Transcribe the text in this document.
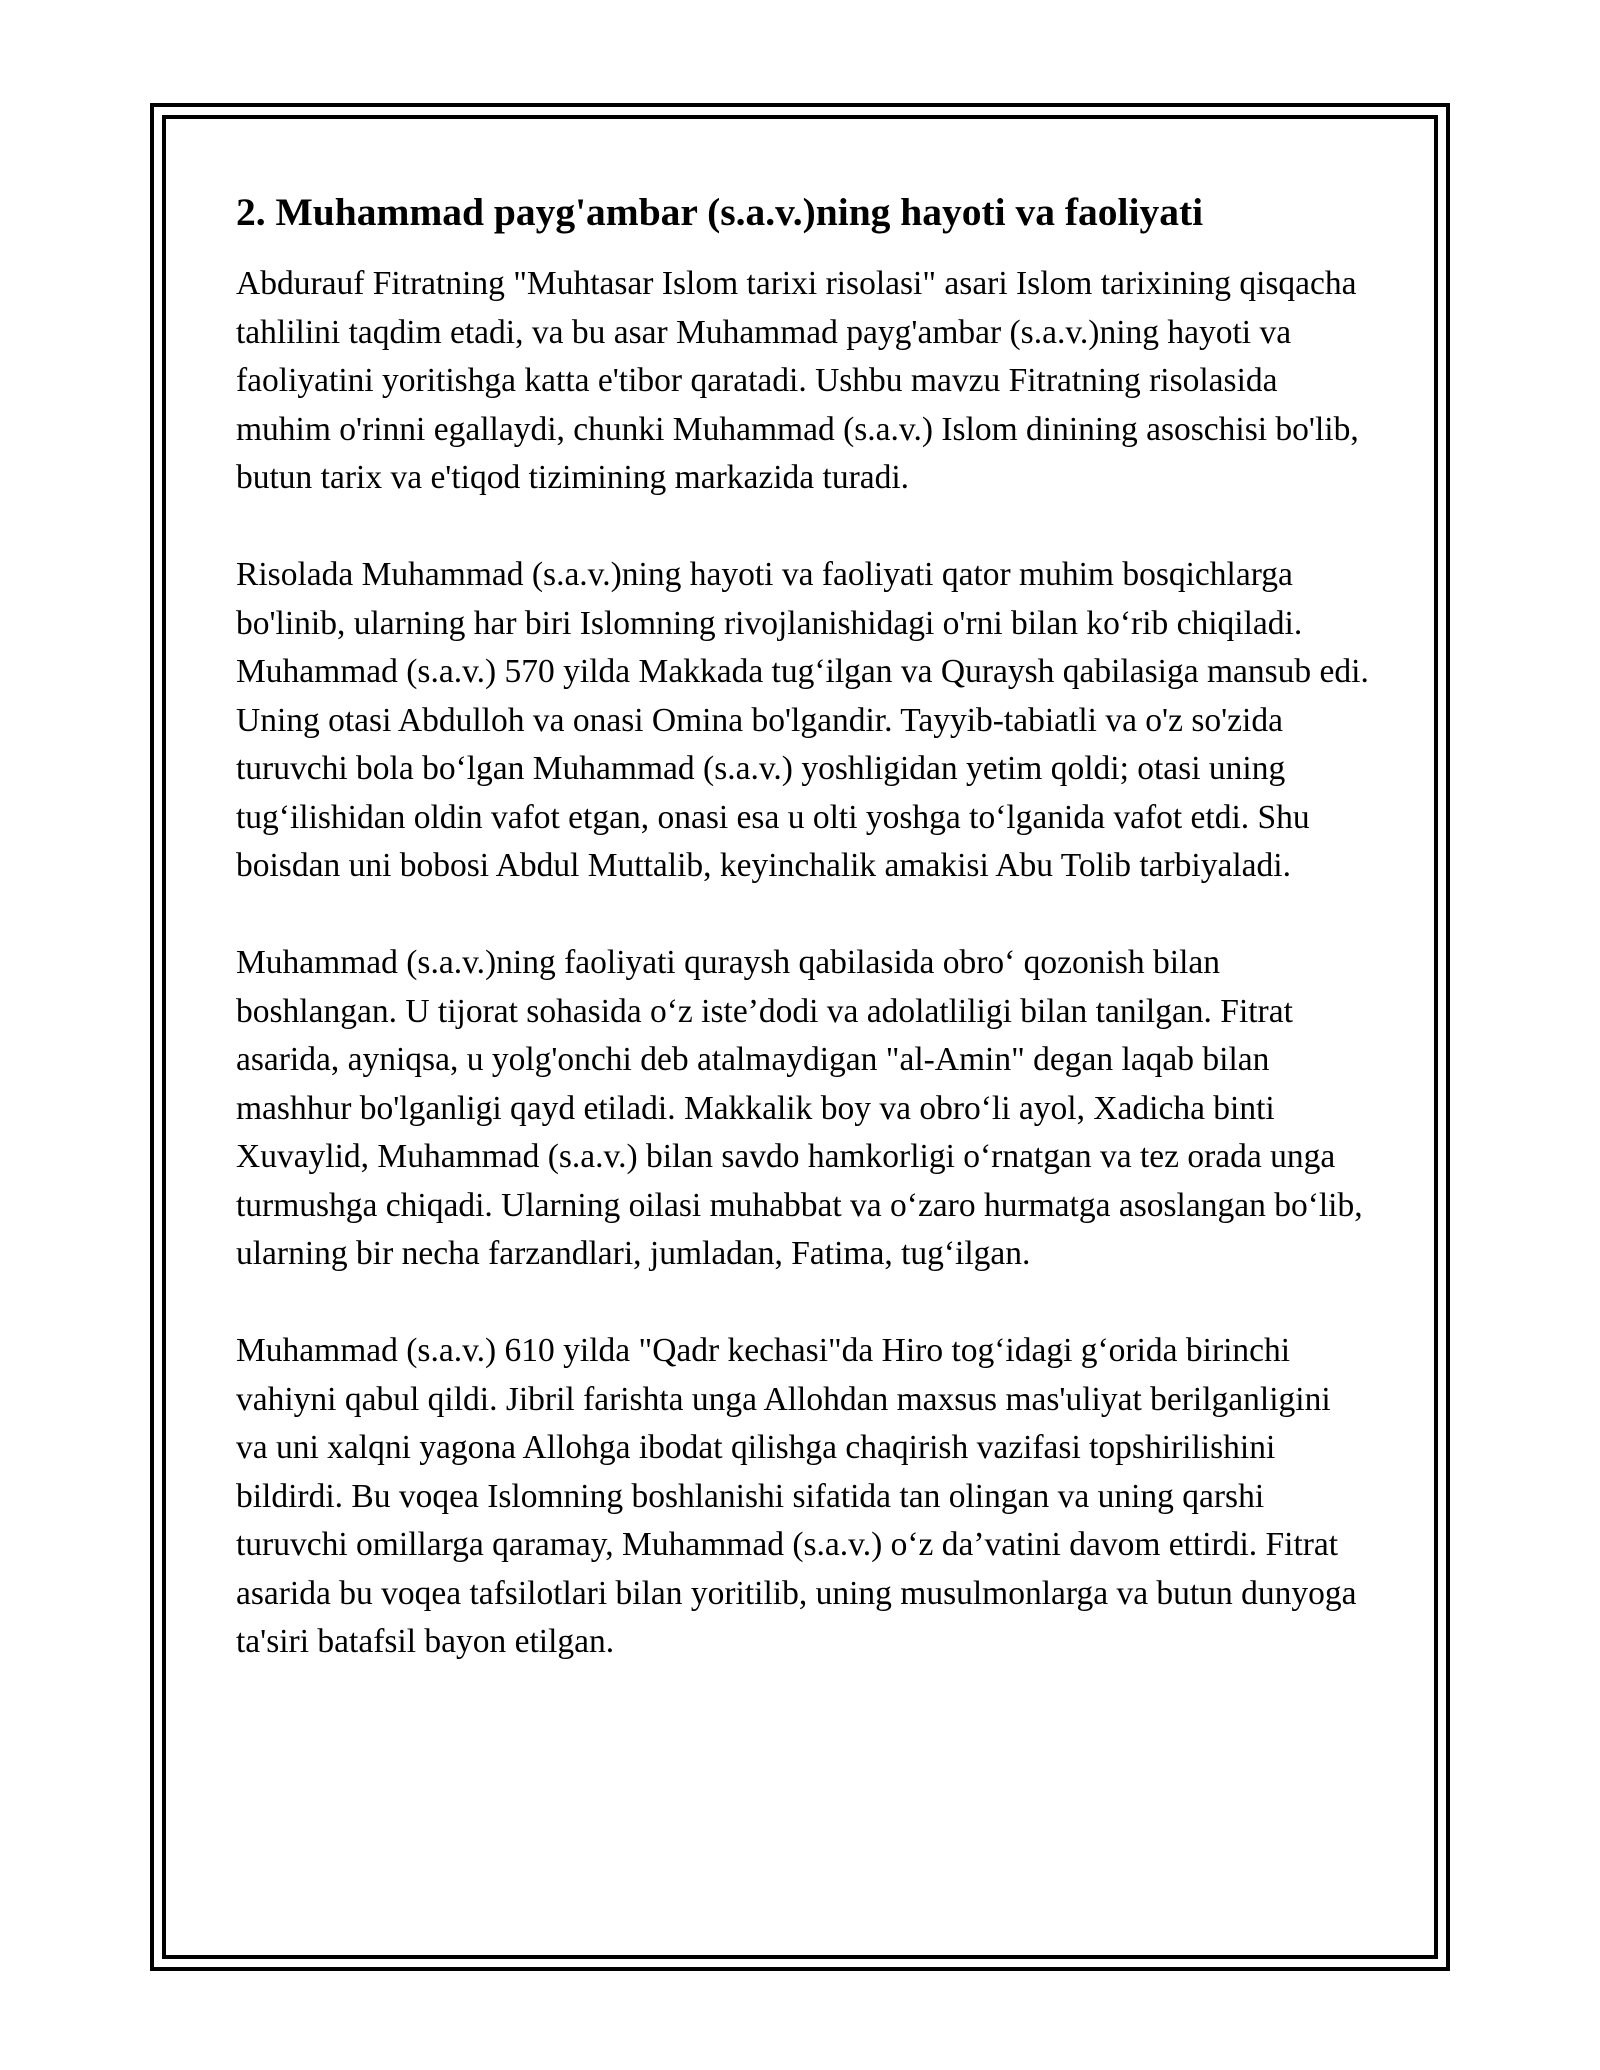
2. Muhammad payg'ambar (s.a.v.)ning hayoti va faoliyati

Abdurauf Fitratning "Muhtasar Islom tarixi risolasi" asari Islom tarixining qisqacha tahlilini taqdim etadi, va bu asar Muhammad payg'ambar (s.a.v.)ning hayoti va faoliyatini yoritishga katta e'tibor qaratadi. Ushbu mavzu Fitratning risolasida muhim o'rinni egallaydi, chunki Muhammad (s.a.v.) Islom dinining asoschisi bo'lib, butun tarix va e'tiqod tizimining markazida turadi.

Risolada Muhammad (s.a.v.)ning hayoti va faoliyati qator muhim bosqichlarga bo'linib, ularning har biri Islomning rivojlanishidagi o'rni bilan ko‘rib chiqiladi. Muhammad (s.a.v.) 570 yilda Makkada tug‘ilgan va Quraysh qabilasiga mansub edi. Uning otasi Abdulloh va onasi Omina bo'lgandir. Tayyib-tabiatli va o'z so'zida turuvchi bola bo‘lgan Muhammad (s.a.v.) yoshligidan yetim qoldi; otasi uning tug‘ilishidan oldin vafot etgan, onasi esa u olti yoshga to‘lganida vafot etdi. Shu boisdan uni bobosi Abdul Muttalib, keyinchalik amakisi Abu Tolib tarbiyaladi.

Muhammad (s.a.v.)ning faoliyati quraysh qabilasida obro‘ qozonish bilan boshlangan. U tijorat sohasida o‘z iste’dodi va adolatliligi bilan tanilgan. Fitrat asarida, ayniqsa, u yolg'onchi deb atalmaydigan "al-Amin" degan laqab bilan mashhur bo'lganligi qayd etiladi. Makkalik boy va obro‘li ayol, Xadicha binti Xuvaylid, Muhammad (s.a.v.) bilan savdo hamkorligi o‘rnatgan va tez orada unga turmushga chiqadi. Ularning oilasi muhabbat va o‘zaro hurmatga asoslangan bo‘lib, ularning bir necha farzandlari, jumladan, Fatima, tug‘ilgan.

Muhammad (s.a.v.) 610 yilda "Qadr kechasi"da Hiro tog‘idagi g‘orida birinchi vahiyni qabul qildi. Jibril farishta unga Allohdan maxsus mas'uliyat berilganligini va uni xalqni yagona Allohga ibodat qilishga chaqirish vazifasi topshirilishini bildirdi. Bu voqea Islomning boshlanishi sifatida tan olingan va uning qarshi turuvchi omillarga qaramay, Muhammad (s.a.v.) o‘z da’vatini davom ettirdi. Fitrat asarida bu voqea tafsilotlari bilan yoritilib, uning musulmonlarga va butun dunyoga ta'siri batafsil bayon etilgan.
